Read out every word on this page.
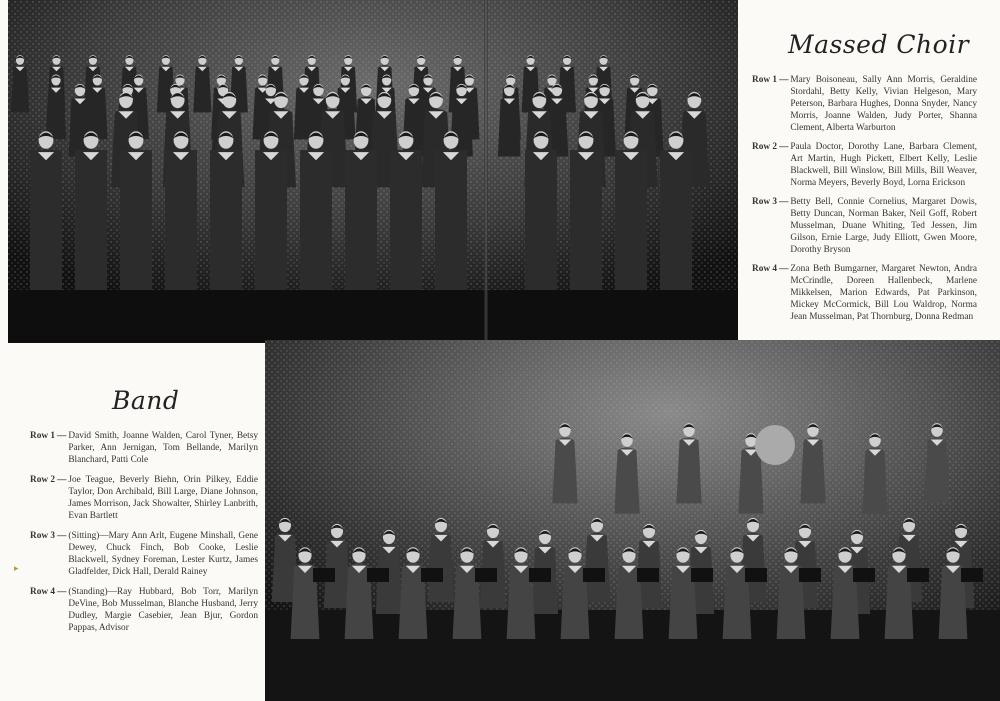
Massed Choir
Row 1 — Mary Boisoneau, Sally Ann Morris, Geraldine Stordahl, Betty Kelly, Vivian Helgeson, Mary Peterson, Barbara Hughes, Donna Snyder, Nancy Morris, Joanne Walden, Judy Porter, Shanna Clement, Alberta Warburton
Row 2 — Paula Doctor, Dorothy Lane, Barbara Clement, Art Martin, Hugh Pickett, Elbert Kelly, Leslie Blackwell, Bill Winslow, Bill Mills, Bill Weaver, Norma Meyers, Beverly Boyd, Lorna Erickson
Row 3 — Betty Bell, Connie Cornelius, Margaret Dowis, Betty Duncan, Norman Baker, Neil Goff, Robert Musselman, Duane Whiting, Ted Jessen, Jim Gilson, Ernie Large, Judy Elliott, Gwen Moore, Dorothy Bryson
Row 4 — Zona Beth Bumgarner, Margaret Newton, Andra McCrindle, Doreen Hallenbeck, Marlene Mikkelsen, Marion Edwards, Pat Parkinson, Mickey McCormick, Bill Lou Waldrop, Norma Jean Musselman, Pat Thornburg, Donna Redman
Band
Row 1 — David Smith, Joanne Walden, Carol Tyner, Betsy Parker, Ann Jernigan, Tom Bellande, Marilyn Blanchard, Patti Cole
Row 2 — Joe Teague, Beverly Biehn, Orin Pilkey, Eddie Taylor, Don Archibald, Bill Large, Diane Johnson, James Morrison, Jack Showalter, Shirley Lanbrith, Evan Bartlett
Row 3 — (Sitting)—Mary Ann Arlt, Eugene Minshall, Gene Dewey, Chuck Finch, Bob Cooke, Leslie Blackwell, Sydney Foreman, Lester Kurtz, James Gladfelder, Dick Hall, Derald Rainey
Row 4 — (Standing)—Ray Hubbard, Bob Torr, Marilyn DeVine, Bob Musselman, Blanche Husband, Jerry Dudley, Margie Casebier, Jean Bjur, Gordon Pappas, Advisor
▸
